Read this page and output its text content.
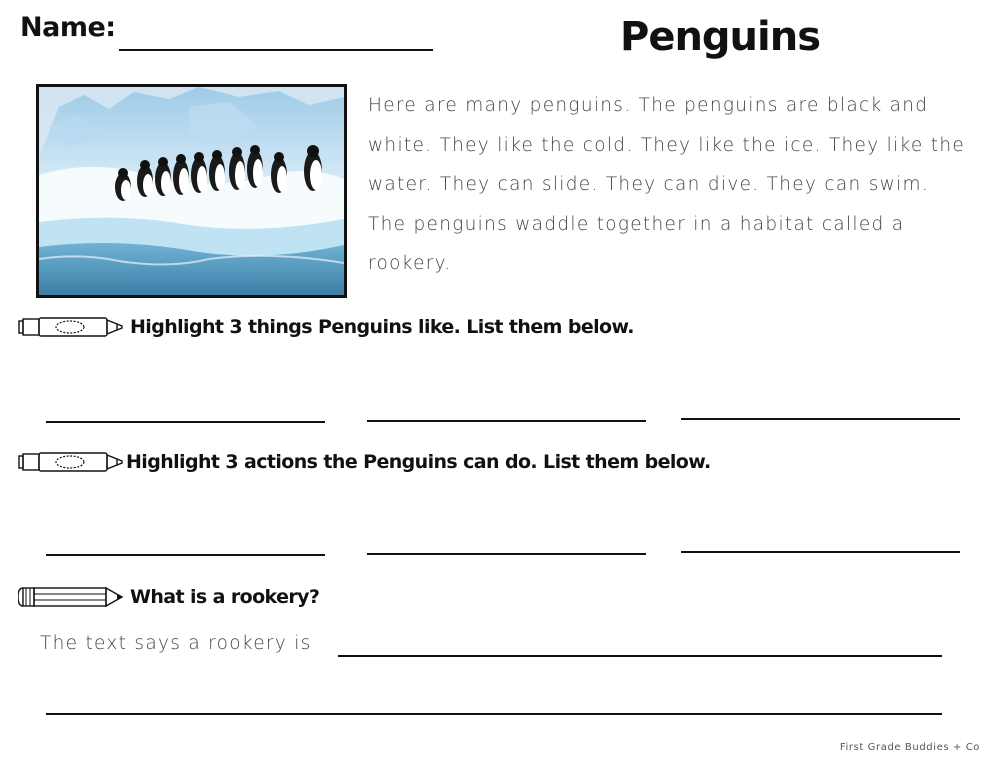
Name:	Penguins
Here are many penguins. The penguins are black and white. They like the cold. They like the ice. They like the water. They can slide. They can dive. They can swim. The penguins waddle together in a habitat called a rookery.
Highlight 3 things Penguins like. List them below.
Highlight 3 actions the Penguins can do. List them below.
What is a rookery?
The text says a rookery is
First Grade Buddies + Co
